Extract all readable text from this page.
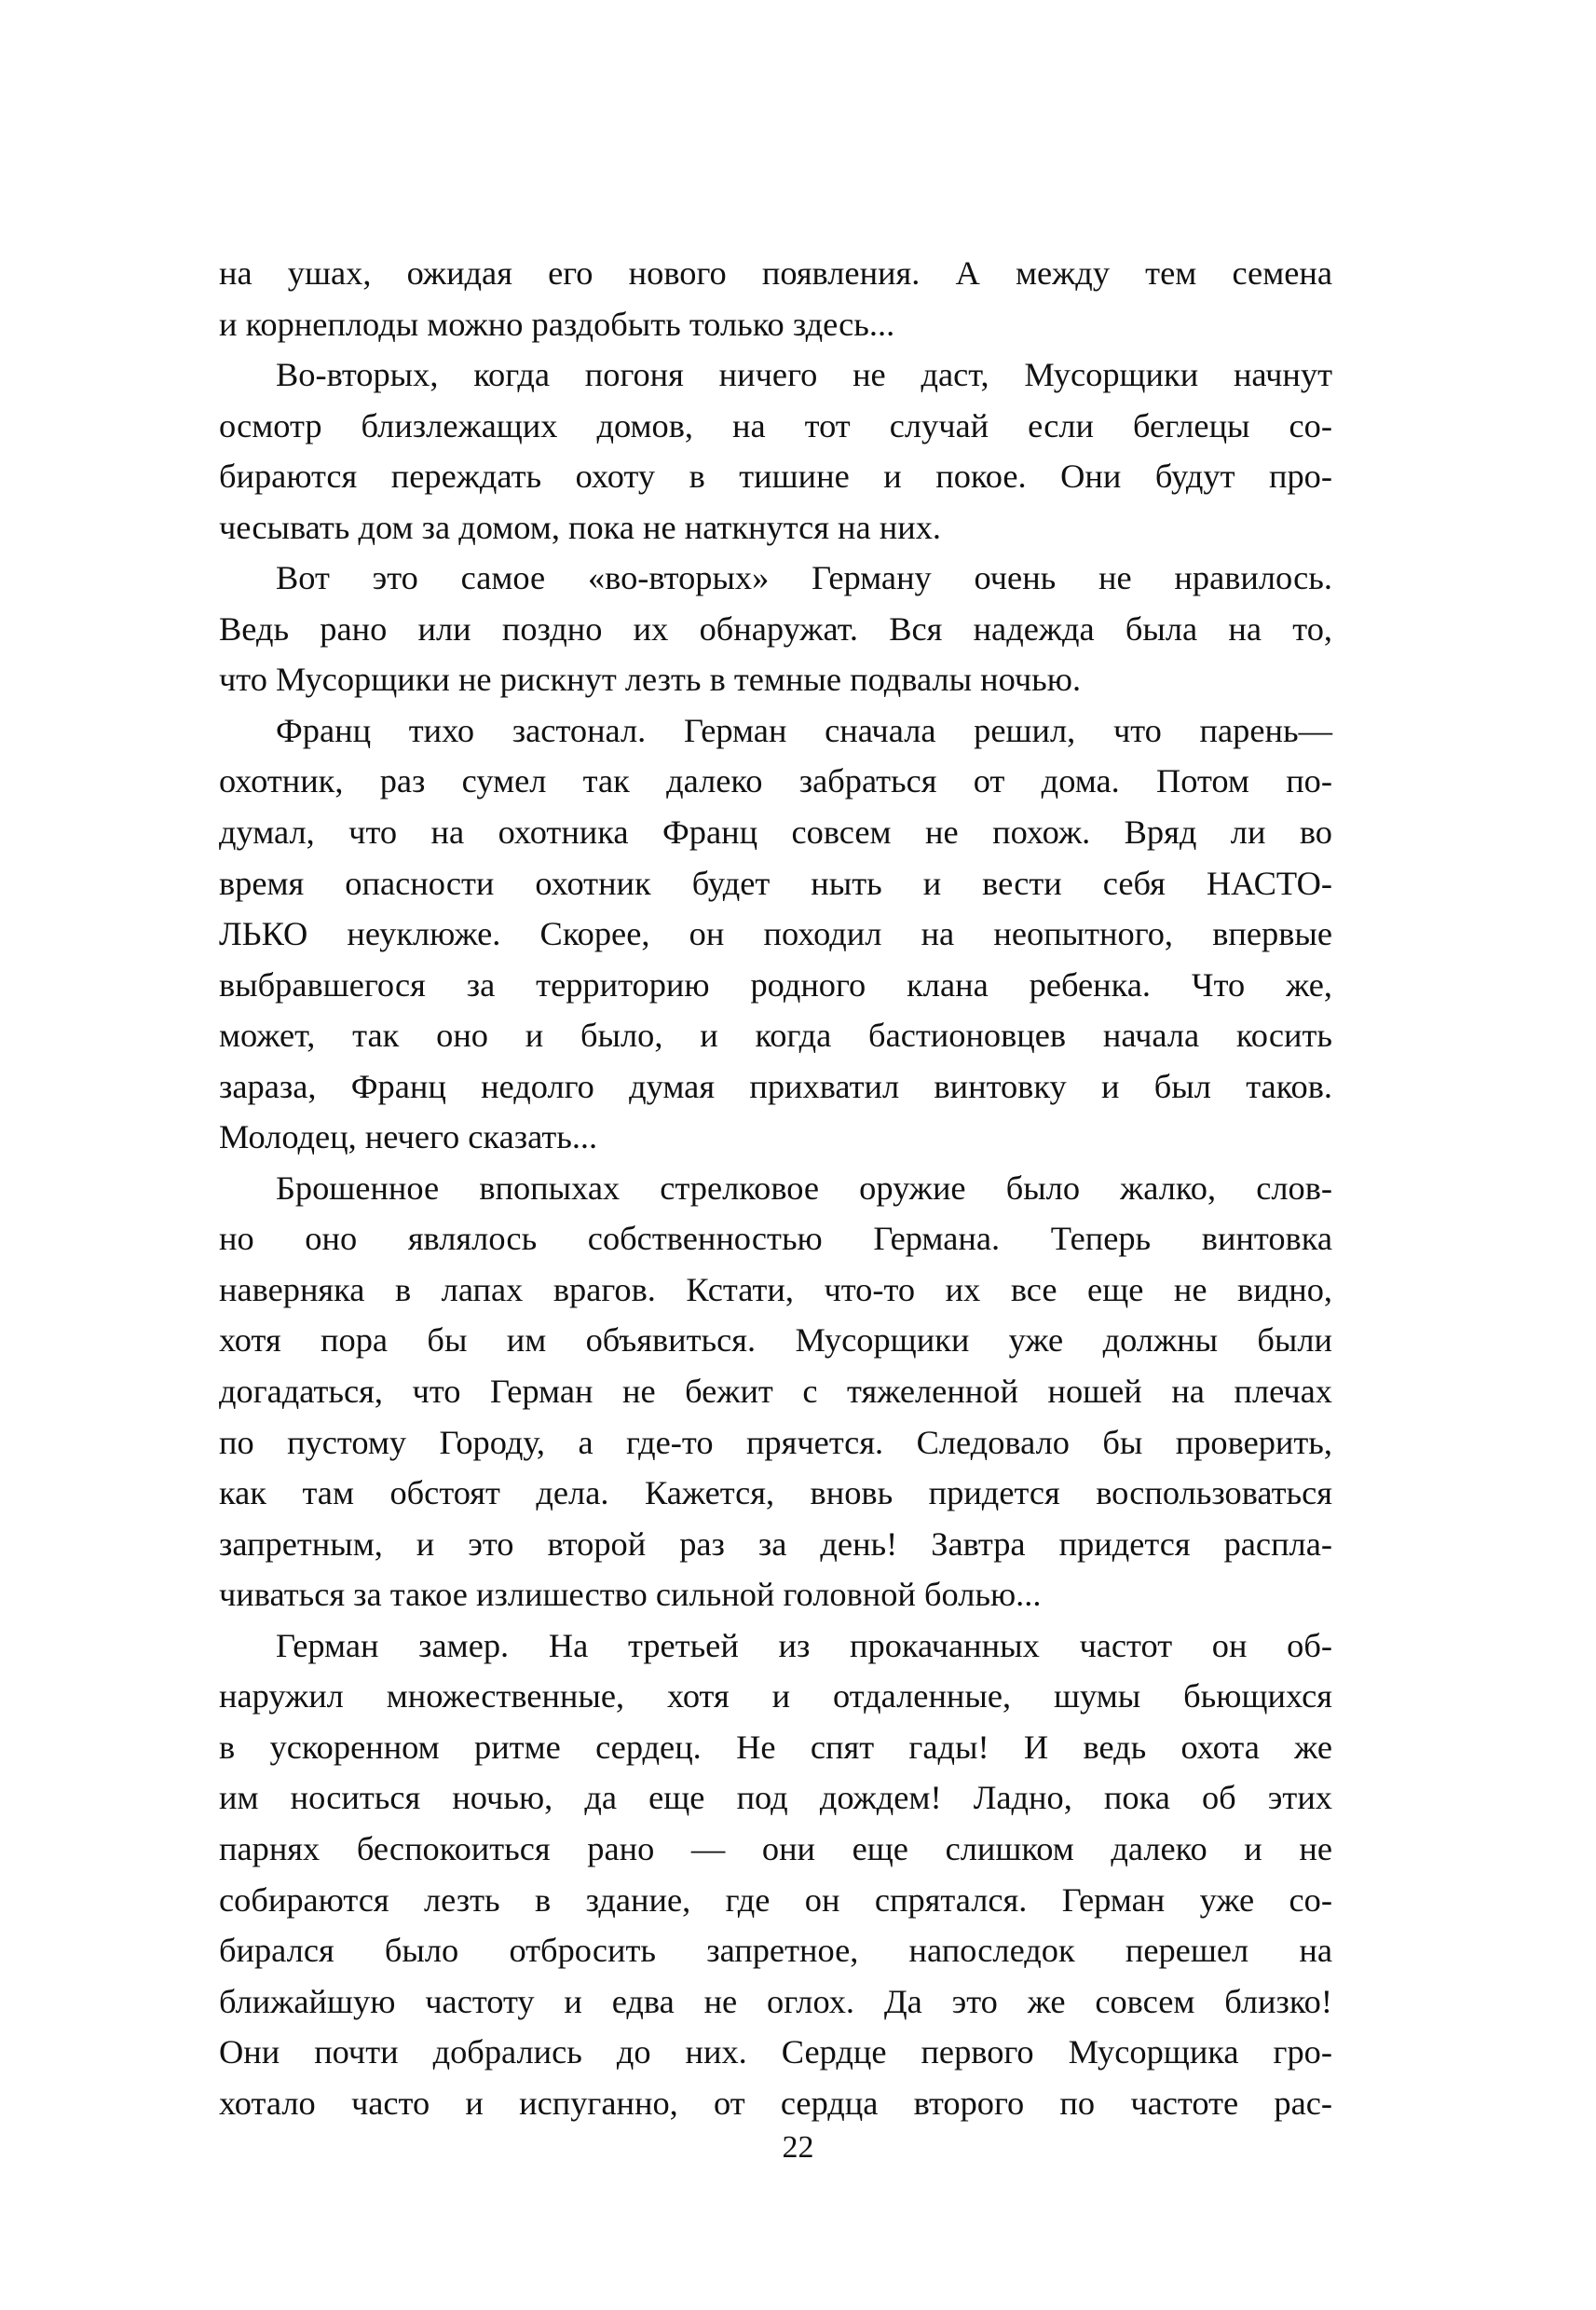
на ушах, ожидая его нового появления. А между тем семена
и корнеплоды можно раздобыть только здесь...
Во-вторых, когда погоня ничего не даст, Мусорщики начнут
осмотр близлежащих домов, на тот случай если беглецы со-
бираются переждать охоту в тишине и покое. Они будут про-
чесывать дом за домом, пока не наткнутся на них.
Вот это самое «во-вторых» Герману очень не нравилось.
Ведь рано или поздно их обнаружат. Вся надежда была на то,
что Мусорщики не рискнут лезть в темные подвалы ночью.
Франц тихо застонал. Герман сначала решил, что парень—
охотник, раз сумел так далеко забраться от дома. Потом по-
думал, что на охотника Франц совсем не похож. Вряд ли во
время опасности охотник будет ныть и вести себя НАСТО-
ЛЬКО неуклюже. Скорее, он походил на неопытного, впервые
выбравшегося за территорию родного клана ребенка. Что же,
может, так оно и было, и когда бастионовцев начала косить
зараза, Франц недолго думая прихватил винтовку и был таков.
Молодец, нечего сказать...
Брошенное впопыхах стрелковое оружие было жалко, слов-
но оно являлось собственностью Германа. Теперь винтовка
наверняка в лапах врагов. Кстати, что-то их все еще не видно,
хотя пора бы им объявиться. Мусорщики уже должны были
догадаться, что Герман не бежит с тяжеленной ношей на плечах
по пустому Городу, а где-то прячется. Следовало бы проверить,
как там обстоят дела. Кажется, вновь придется воспользоваться
запретным, и это второй раз за день! Завтра придется распла-
чиваться за такое излишество сильной головной болью...
Герман замер. На третьей из прокачанных частот он об-
наружил множественные, хотя и отдаленные, шумы бьющихся
в ускоренном ритме сердец. Не спят гады! И ведь охота же
им носиться ночью, да еще под дождем! Ладно, пока об этих
парнях беспокоиться рано — они еще слишком далеко и не
собираются лезть в здание, где он спрятался. Герман уже со-
бирался было отбросить запретное, напоследок перешел на
ближайшую частоту и едва не оглох. Да это же совсем близко!
Они почти добрались до них. Сердце первого Мусорщика гро-
хотало часто и испуганно, от сердца второго по частоте рас-
22
